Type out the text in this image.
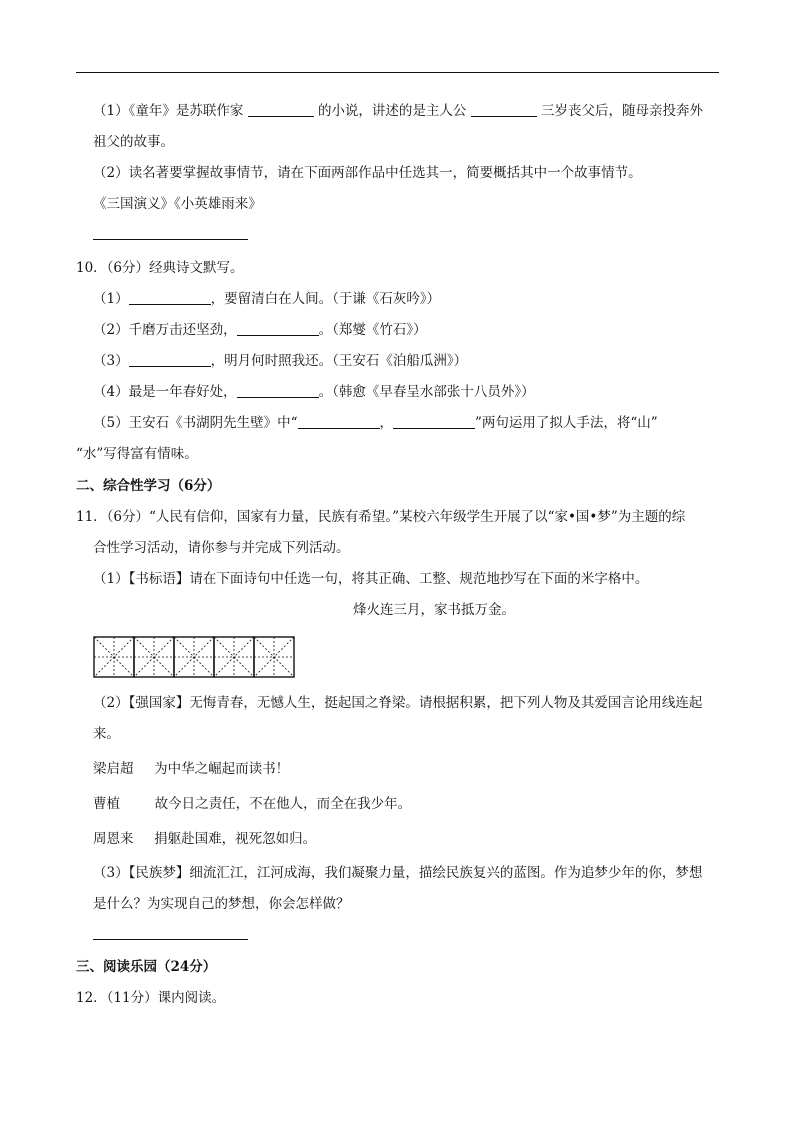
（1）《童年》是苏联作家	的小说，讲述的是主人公	三岁丧父后，随母亲投奔外
祖父的故事。
（2）读名著要掌握故事情节，请在下面两部作品中任选其一，简要概括其中一个故事情节。
《三国演义》《小英雄雨来》
10．（6分）经典诗文默写。
（1）	，要留清白在人间。（于谦《石灰吟》）
（2）千磨万击还坚劲，	。（郑燮《竹石》）
（3）	，明月何时照我还。（王安石《泊船瓜洲》）
（4）最是一年春好处，	。（韩愈《早春呈水部张十八员外》）
（5）王安石《书湖阴先生壁》中“	，	”两句运用了拟人手法，将“山”
“水”写得富有情味。
二、综合性学习（6分）
11．（6分）“人民有信仰，国家有力量，民族有希望。”某校六年级学生开展了以“家•国•梦”为主题的综
合性学习活动，请你参与并完成下列活动。
（1）【书标语】请在下面诗句中任选一句，将其正确、工整、规范地抄写在下面的米字格中。
烽火连三月，家书抵万金。
（2）【强国家】无悔青春，无憾人生，挺起国之脊梁。请根据积累，把下列人物及其爱国言论用线连起
来。
梁启超 为中华之崛起而读书！
曹植	故今日之责任，不在他人，而全在我少年。
周恩来 捐躯赴国难，视死忽如归。
（3）【民族梦】细流汇江，江河成海，我们凝聚力量，描绘民族复兴的蓝图。作为追梦少年的你，梦想
是什么？为实现自己的梦想，你会怎样做？
三、阅读乐园（24分）
12．（11分）课内阅读。
